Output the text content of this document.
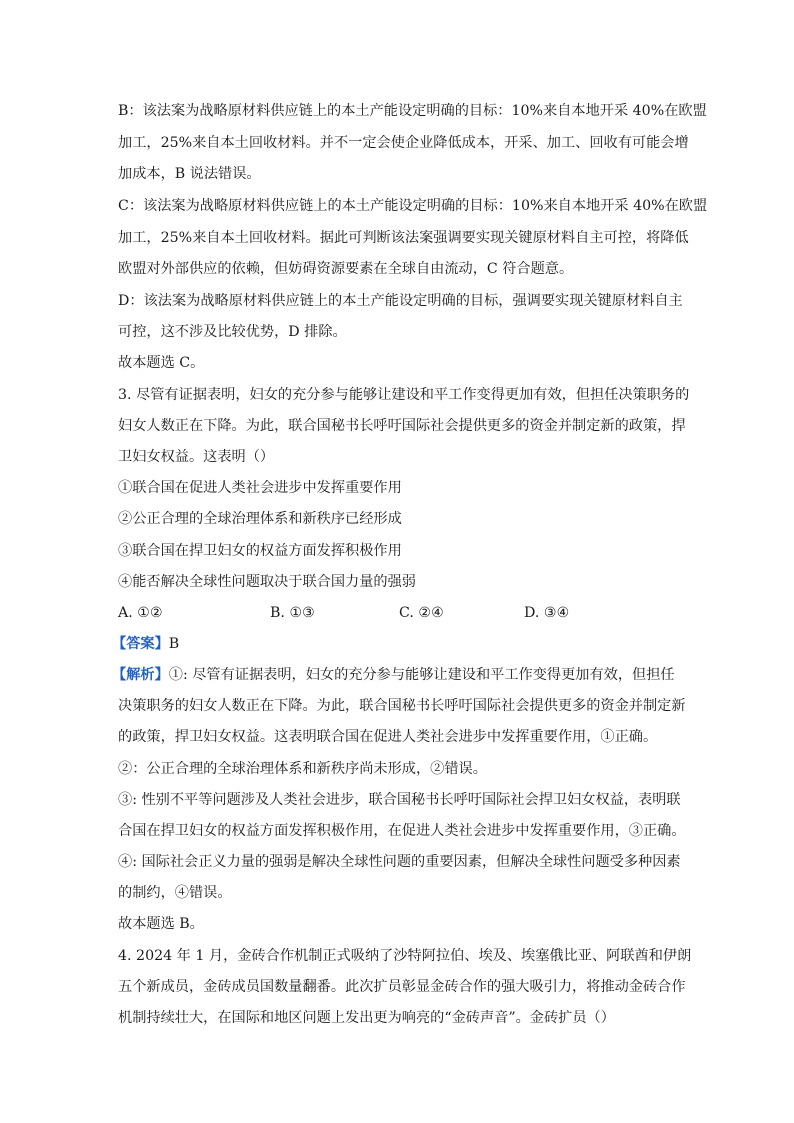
B：该法案为战略原材料供应链上的本土产能设定明确的目标：10%来自本地开采 40%在欧盟
加工，25%来自本土回收材料。并不一定会使企业降低成本，开采、加工、回收有可能会增
加成本，B 说法错误。
C：该法案为战略原材料供应链上的本土产能设定明确的目标：10%来自本地开采 40%在欧盟
加工，25%来自本土回收材料。据此可判断该法案强调要实现关键原材料自主可控，将降低
欧盟对外部供应的依赖，但妨碍资源要素在全球自由流动，C 符合题意。
D：该法案为战略原材料供应链上的本土产能设定明确的目标，强调要实现关键原材料自主
可控，这不涉及比较优势，D 排除。
故本题选 C。
3. 尽管有证据表明，妇女的充分参与能够让建设和平工作变得更加有效，但担任决策职务的
妇女人数正在下降。为此，联合国秘书长呼吁国际社会提供更多的资金并制定新的政策，捍
卫妇女权益。这表明（）
①联合国在促进人类社会进步中发挥重要作用
②公正合理的全球治理体系和新秩序已经形成
③联合国在捍卫妇女的权益方面发挥积极作用
④能否解决全球性问题取决于联合国力量的强弱
A. ①②	B. ①③	C. ②④	D. ③④
【答案】B
【解析】①: 尽管有证据表明，妇女的充分参与能够让建设和平工作变得更加有效，但担任
决策职务的妇女人数正在下降。为此，联合国秘书长呼吁国际社会提供更多的资金并制定新
的政策，捍卫妇女权益。这表明联合国在促进人类社会进步中发挥重要作用，①正确。
②：公正合理的全球治理体系和新秩序尚未形成，②错误。
③: 性别不平等问题涉及人类社会进步，联合国秘书长呼吁国际社会捍卫妇女权益，表明联
合国在捍卫妇女的权益方面发挥积极作用，在促进人类社会进步中发挥重要作用，③正确。
④: 国际社会正义力量的强弱是解决全球性问题的重要因素，但解决全球性问题受多种因素
的制约，④错误。
故本题选 B。
4. 2024 年 1 月，金砖合作机制正式吸纳了沙特阿拉伯、埃及、埃塞俄比亚、阿联酋和伊朗
五个新成员，金砖成员国数量翻番。此次扩员彰显金砖合作的强大吸引力，将推动金砖合作
机制持续壮大，在国际和地区问题上发出更为响亮的“金砖声音”。金砖扩员（）
